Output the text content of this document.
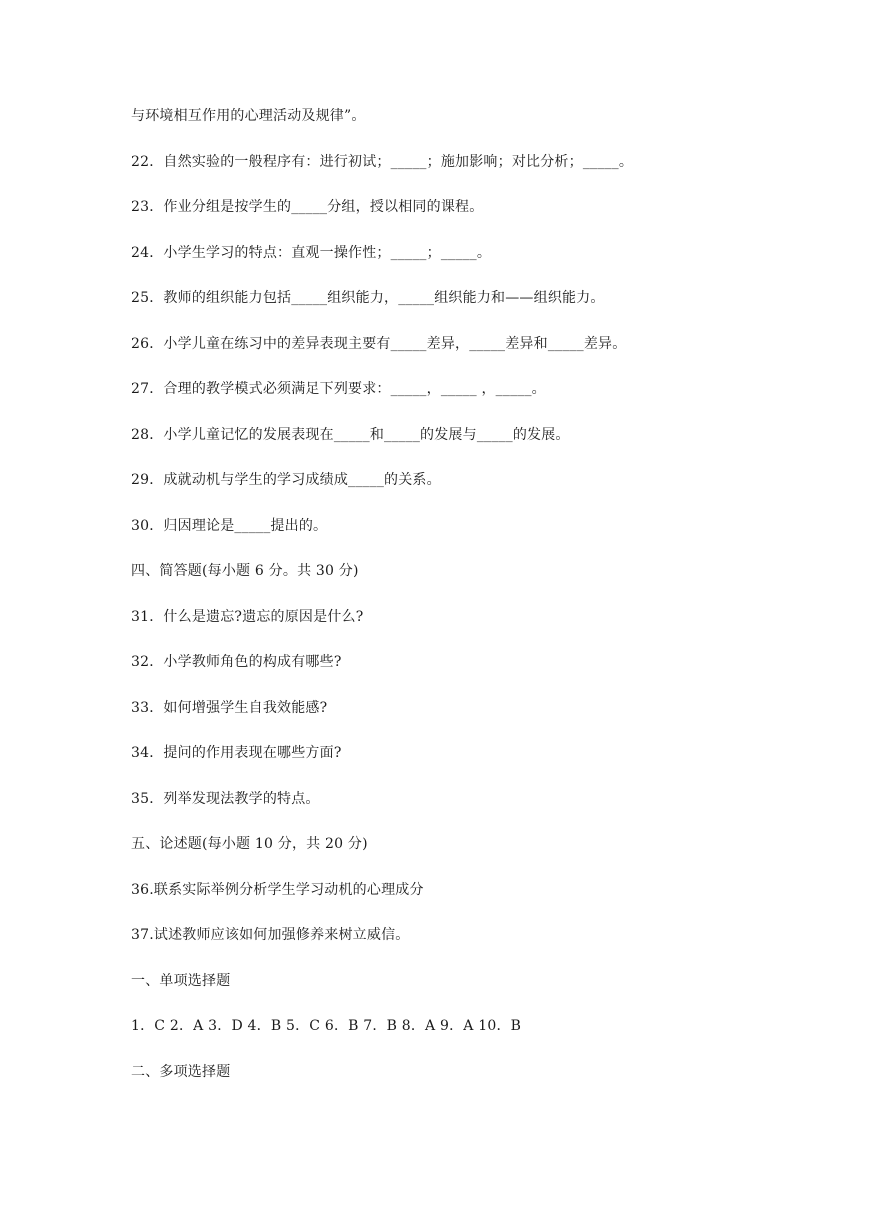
与环境相互作用的心理活动及规律”。
22．自然实验的一般程序有：进行初试；_____；施加影响；对比分析；_____。
23．作业分组是按学生的_____分组，授以相同的课程。
24．小学生学习的特点：直观一操作性；_____；_____。
25．教师的组织能力包括_____组织能力，_____组织能力和——组织能力。
26．小学儿童在练习中的差异表现主要有_____差异，_____差异和_____差异。
27．合理的教学模式必须满足下列要求：_____，_____ ，_____。
28．小学儿童记忆的发展表现在_____和_____的发展与_____的发展。
29．成就动机与学生的学习成绩成_____的关系。
30．归因理论是_____提出的。
四、简答题(每小题 6 分。共 30 分)
31．什么是遗忘?遗忘的原因是什么?
32．小学教师角色的构成有哪些?
33．如何增强学生自我效能感?
34．提问的作用表现在哪些方面?
35．列举发现法教学的特点。
五、论述题(每小题 10 分，共 20 分)
36.联系实际举例分析学生学习动机的心理成分
37.试述教师应该如何加强修养来树立威信。
一、单项选择题
1．C 2．A 3．D 4．B 5．C 6．B 7．B 8．A 9．A 10．B
二、多项选择题
